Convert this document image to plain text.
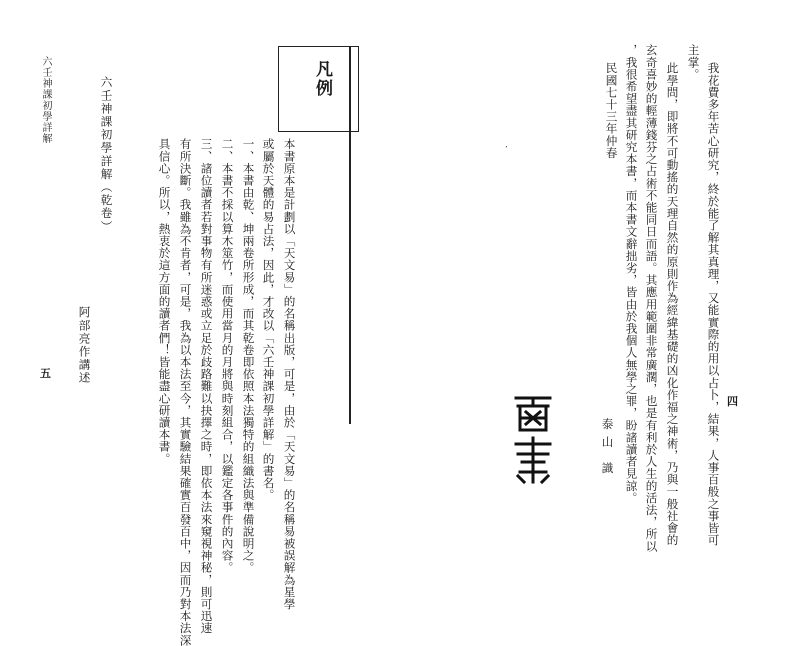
我花費多年苦心研究，終於能了解其真理，又能實際的用以占卜，結果，人事百般之事皆可
主掌。
此學問，即將不可動搖的天理自然的原則作為經緯基礎的凶化作福之神術，乃與一般社會的
玄奇喜妙的輕薄錢芬之占術不能同日而語。其應用範圍非常廣濶，也是有利於人生的活法，所以
，我很希望盡其研究本書，而本書文辭拙劣，皆由於我個人無學之罪，盼諸讀者見諒。
民國七十三年仲春
泰山
識
‧
四
凡例
本書原本是計劃以「天文易」的名稱出版，可是，由於「天文易」的名稱易被誤解為星學
或屬於天體的易占法，因此，才改以「六壬神課初學詳解」的書名。
一、本書由乾、坤兩卷所形成，而其乾卷即依照本法獨特的組織法與準備說明之。
二、本書不採以算木筮竹，而使用當月的月將與時刻組合，以鑑定各事件的內容。
三、諸位讀者若對事物有所迷惑或立足於歧路難以抉擇之時，即依本法來窺視神秘，則可迅速
有所決斷。我雖為不肯者，可是，我為以本法至今，其實驗結果確實百發百中，因而乃對本法深
具信心。所以，熱衷於這方面的讀者們！皆能盡心研讀本書。
六壬神課初學詳解（乾卷）
阿部亮作講述
六壬神課初學詳解
五
